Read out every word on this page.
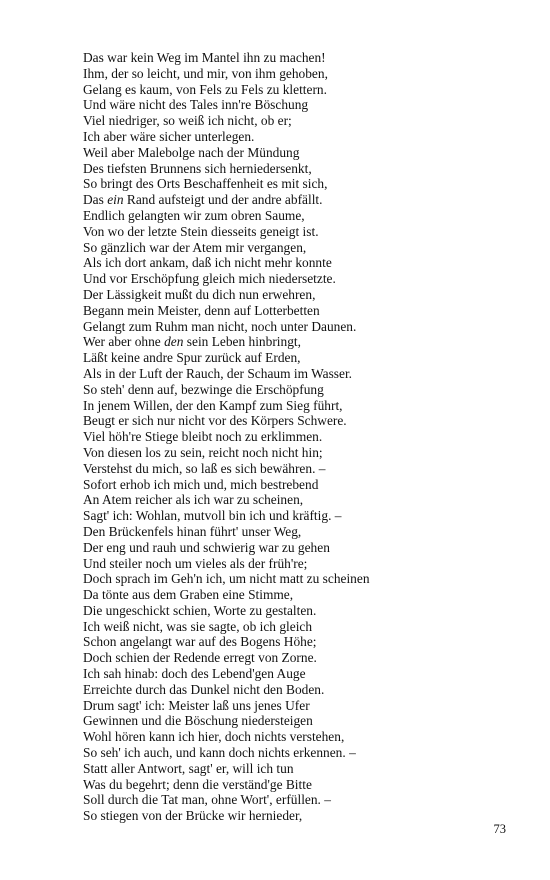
Das war kein Weg im Mantel ihn zu machen!
Ihm, der so leicht, und mir, von ihm gehoben,
Gelang es kaum, von Fels zu Fels zu klettern.
Und wäre nicht des Tales inn're Böschung
Viel niedriger, so weiß ich nicht, ob er;
Ich aber wäre sicher unterlegen.
Weil aber Malebolge nach der Mündung
Des tiefsten Brunnens sich herniedersenkt,
So bringt des Orts Beschaffenheit es mit sich,
Das ein Rand aufsteigt und der andre abfällt.
Endlich gelangten wir zum obren Saume,
Von wo der letzte Stein diesseits geneigt ist.
So gänzlich war der Atem mir vergangen,
Als ich dort ankam, daß ich nicht mehr konnte
Und vor Erschöpfung gleich mich niedersetzte.
Der Lässigkeit mußt du dich nun erwehren,
Begann mein Meister, denn auf Lotterbetten
Gelangt zum Ruhm man nicht, noch unter Daunen.
Wer aber ohne den sein Leben hinbringt,
Läßt keine andre Spur zurück auf Erden,
Als in der Luft der Rauch, der Schaum im Wasser.
So steh' denn auf, bezwinge die Erschöpfung
In jenem Willen, der den Kampf zum Sieg führt,
Beugt er sich nur nicht vor des Körpers Schwere.
Viel höh're Stiege bleibt noch zu erklimmen.
Von diesen los zu sein, reicht noch nicht hin;
Verstehst du mich, so laß es sich bewähren. –
Sofort erhob ich mich und, mich bestrebend
An Atem reicher als ich war zu scheinen,
Sagt' ich: Wohlan, mutvoll bin ich und kräftig. –
Den Brückenfels hinan führt' unser Weg,
Der eng und rauh und schwierig war zu gehen
Und steiler noch um vieles als der früh're;
Doch sprach im Geh'n ich, um nicht matt zu scheinen
Da tönte aus dem Graben eine Stimme,
Die ungeschickt schien, Worte zu gestalten.
Ich weiß nicht, was sie sagte, ob ich gleich
Schon angelangt war auf des Bogens Höhe;
Doch schien der Redende erregt von Zorne.
Ich sah hinab: doch des Lebend'gen Auge
Erreichte durch das Dunkel nicht den Boden.
Drum sagt' ich: Meister laß uns jenes Ufer
Gewinnen und die Böschung niedersteigen
Wohl hören kann ich hier, doch nichts verstehen,
So seh' ich auch, und kann doch nichts erkennen. –
Statt aller Antwort, sagt' er, will ich tun
Was du begehrt; denn die verständ'ge Bitte
Soll durch die Tat man, ohne Wort', erfüllen. –
So stiegen von der Brücke wir hernieder,
73
